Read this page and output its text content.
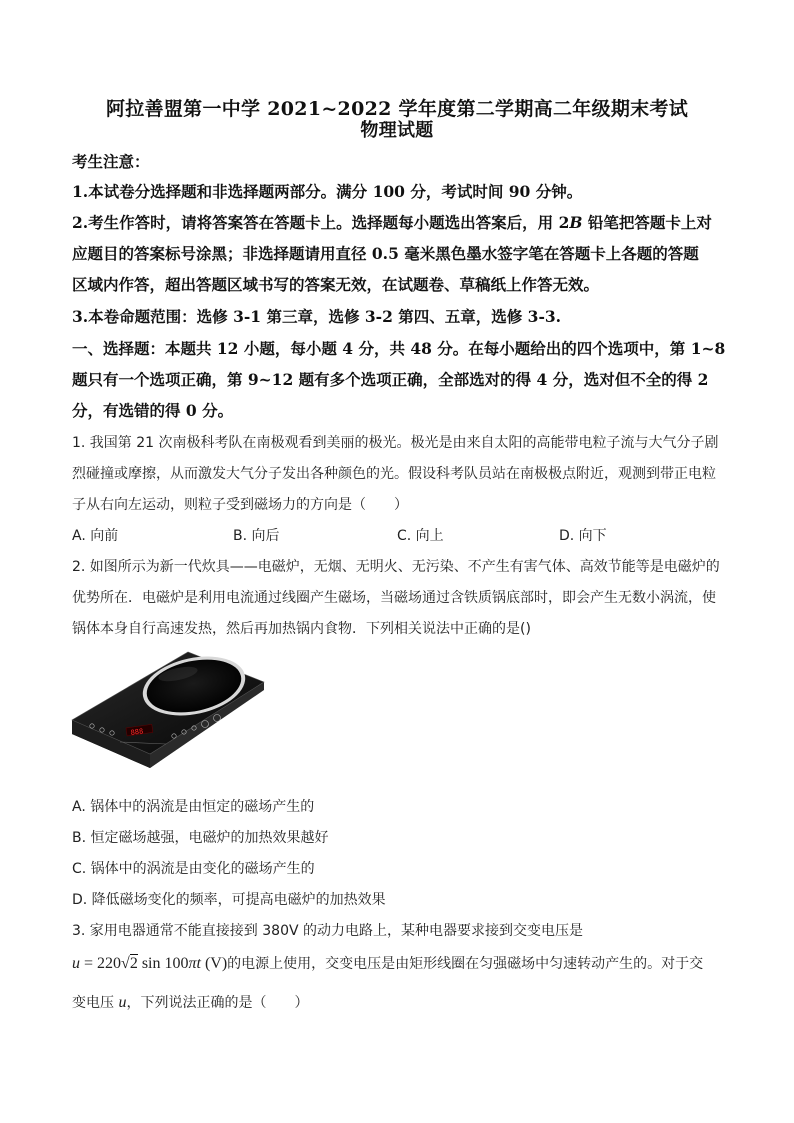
阿拉善盟第一中学 2021~2022 学年度第二学期高二年级期末考试
物理试题
考生注意：
1.本试卷分选择题和非选择题两部分。满分 100 分，考试时间 90 分钟。
2.考生作答时，请将答案答在答题卡上。选择题每小题选出答案后，用 2B 铅笔把答题卡上对
应题目的答案标号涂黑；非选择题请用直径 0.5 毫米黑色墨水签字笔在答题卡上各题的答题
区域内作答，超出答题区域书写的答案无效，在试题卷、草稿纸上作答无效。
3.本卷命题范围：选修 3-1 第三章，选修 3-2 第四、五章，选修 3-3.
一、选择题：本题共 12 小题，每小题 4 分，共 48 分。在每小题给出的四个选项中，第 1~8
题只有一个选项正确，第 9~12 题有多个选项正确，全部选对的得 4 分，选对但不全的得 2
分，有选错的得 0 分。
1. 我国第 21 次南极科考队在南极观看到美丽的极光。极光是由来自太阳的高能带电粒子流与大气分子剧
烈碰撞或摩擦，从而激发大气分子发出各种颜色的光。假设科考队员站在南极极点附近，观测到带正电粒
子从右向左运动，则粒子受到磁场力的方向是（　　）
A. 向前	B. 向后	C. 向上	D. 向下
2. 如图所示为新一代炊具——电磁炉，无烟、无明火、无污染、不产生有害气体、高效节能等是电磁炉的
优势所在．电磁炉是利用电流通过线圈产生磁场，当磁场通过含铁质锅底部时，即会产生无数小涡流，使
锅体本身自行高速发热，然后再加热锅内食物．下列相关说法中正确的是()
888
A. 锅体中的涡流是由恒定的磁场产生的
B. 恒定磁场越强，电磁炉的加热效果越好
C. 锅体中的涡流是由变化的磁场产生的
D. 降低磁场变化的频率，可提高电磁炉的加热效果
3. 家用电器通常不能直接接到 380V 的动力电路上，某种电器要求接到交变电压是
u = 220√2 sin 100πt (V)的电源上使用，交变电压是由矩形线圈在匀强磁场中匀速转动产生的。对于交
变电压 u，下列说法正确的是（　　）
